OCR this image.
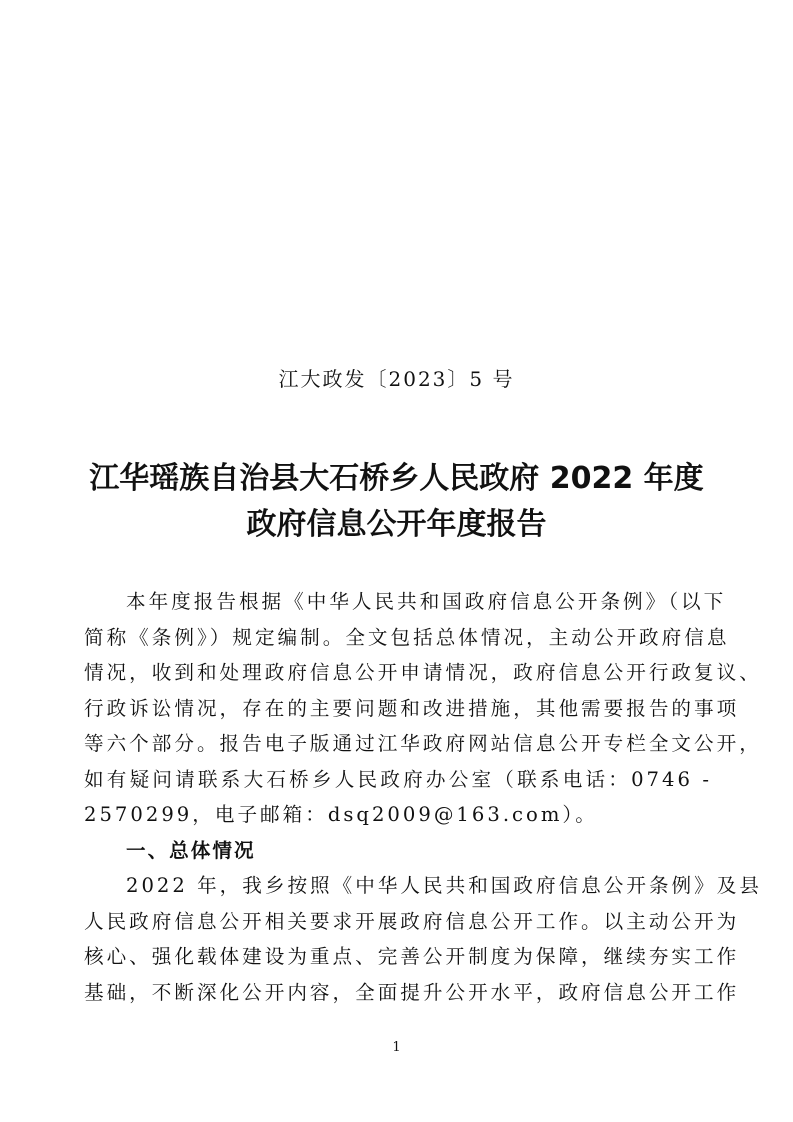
江大政发〔2023〕5 号
江华瑶族自治县大石桥乡人民政府 2022 年度
政府信息公开年度报告
本年度报告根据《中华人民共和国政府信息公开条例》（以下
简称《条例》）规定编制。全文包括总体情况，主动公开政府信息
情况，收到和处理政府信息公开申请情况，政府信息公开行政复议、
行政诉讼情况，存在的主要问题和改进措施，其他需要报告的事项
等六个部分。报告电子版通过江华政府网站信息公开专栏全文公开，
如有疑问请联系大石桥乡人民政府办公室（联系电话：0746 -
2570299，电子邮箱：dsq2009@163.com）。
一、总体情况
2022 年，我乡按照《中华人民共和国政府信息公开条例》及县
人民政府信息公开相关要求开展政府信息公开工作。以主动公开为
核心、强化载体建设为重点、完善公开制度为保障，继续夯实工作
基础，不断深化公开内容，全面提升公开水平，政府信息公开工作
1
